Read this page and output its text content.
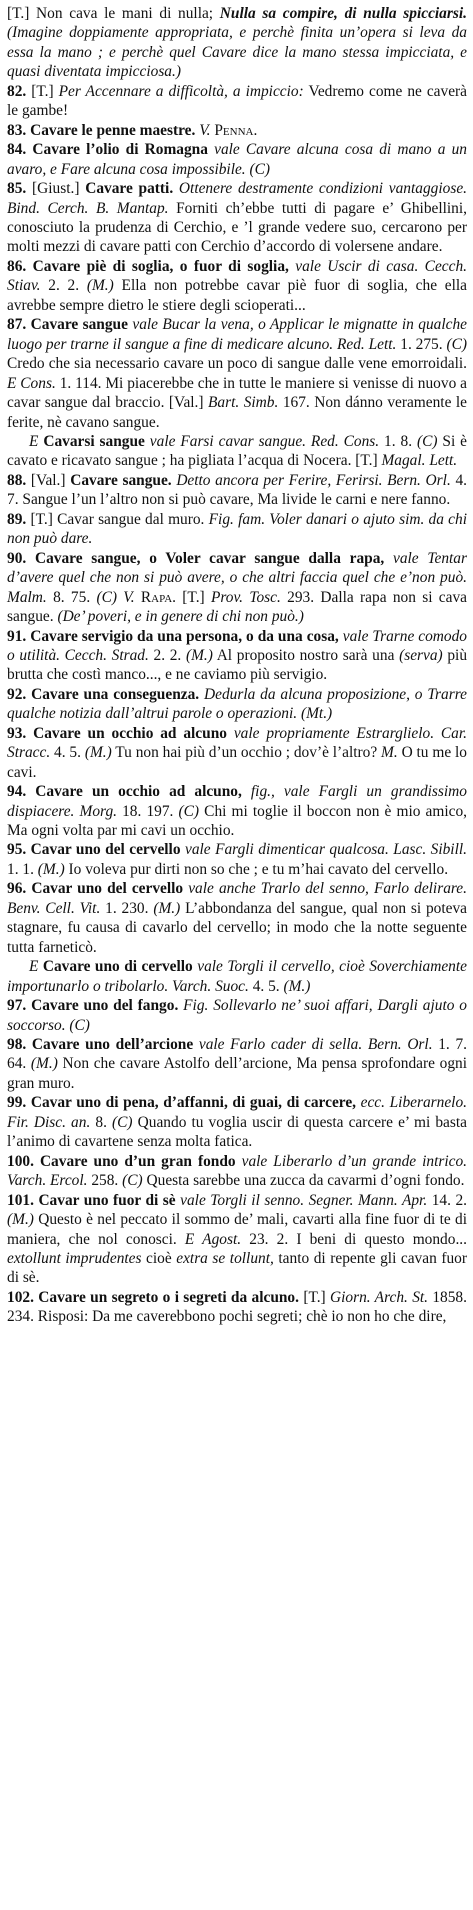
[T.] Non cava le mani di nulla; Nulla sa compire, di nulla spicciarsi. (Imagine doppiamente appropriata, e perchè finita un’opera si leva da essa la mano ; e perchè quel Cavare dice la mano stessa impicciata, e quasi diventata impicciosa.)

82. [T.] Per Accennare a difficoltà, a impiccio: Vedremo come ne caverà le gambe!

83. Cavare le penne maestre. V. Penna.

84. Cavare l’olio di Romagna vale Cavare alcuna cosa di mano a un avaro, e Fare alcuna cosa impossibile. (C)

85. [Giust.] Cavare patti. Ottenere destramente condizioni vantaggiose. Bind. Cerch. B. Mantap. Forniti ch’ebbe tutti di pagare e’ Ghibellini, conosciuto la prudenza di Cerchio, e ’l grande vedere suo, cercarono per molti mezzi di cavare patti con Cerchio d’accordo di volersene andare.

86. Cavare piè di soglia, o fuor di soglia, vale Uscir di casa. Cecch. Stiav. 2. 2. (M.) Ella non potrebbe cavar piè fuor di soglia, che ella avrebbe sempre dietro le stiere degli scioperati...

87. Cavare sangue vale Bucar la vena, o Applicar le mignatte in qualche luogo per trarne il sangue a fine di medicare alcuno. Red. Lett. 1. 275. (C) Credo che sia necessario cavare un poco di sangue dalle vene emorroidali. E Cons. 1. 114. Mi piacerebbe che in tutte le maniere si venisse di nuovo a cavar sangue dal braccio. [Val.] Bart. Simb. 167. Non dánno veramente le ferite, nè cavano sangue.

E Cavarsi sangue vale Farsi cavar sangue. Red. Cons. 1. 8. (C) Si è cavato e ricavato sangue ; ha pigliata l’acqua di Nocera. [T.] Magal. Lett.

88. [Val.] Cavare sangue. Detto ancora per Ferire, Ferirsi. Bern. Orl. 4. 7. Sangue l’un l’altro non si può cavare, Ma livide le carni e nere fanno.

89. [T.] Cavar sangue dal muro. Fig. fam. Voler danari o ajuto sim. da chi non può dare.

90. Cavare sangue, o Voler cavar sangue dalla rapa, vale Tentar d’avere quel che non si può avere, o che altri faccia quel che e’non può. Malm. 8. 75. (C) V. Rapa. [T.] Prov. Tosc. 293. Dalla rapa non si cava sangue. (De’ poveri, e in genere di chi non può.)

91. Cavare servigio da una persona, o da una cosa, vale Trarne comodo o utilità. Cecch. Strad. 2. 2. (M.) Al proposito nostro sarà una (serva) più brutta che costì manco..., e ne caviamo più servigio.

92. Cavare una conseguenza. Dedurla da alcuna proposizione, o Trarre qualche notizia dall’altrui parole o operazioni. (Mt.)

93. Cavare un occhio ad alcuno vale propriamente Estrarglielo. Car. Stracc. 4. 5. (M.) Tu non hai più d’un occhio ; dov’è l’altro? M. O tu me lo cavi.

94. Cavare un occhio ad alcuno, fig., vale Fargli un grandissimo dispiacere. Morg. 18. 197. (C) Chi mi toglie il boccon non è mio amico, Ma ogni volta par mi cavi un occhio.

95. Cavar uno del cervello vale Fargli dimenticar qualcosa. Lasc. Sibill. 1. 1. (M.) Io voleva pur dirti non so che ; e tu m’hai cavato del cervello.

96. Cavar uno del cervello vale anche Trarlo del senno, Farlo delirare. Benv. Cell. Vit. 1. 230. (M.) L’abbondanza del sangue, qual non si poteva stagnare, fu causa di cavarlo del cervello; in modo che la notte seguente tutta farneticò.

E Cavare uno di cervello vale Torgli il cervello, cioè Soverchiamente importunarlo o tribolarlo. Varch. Suoc. 4. 5. (M.)

97. Cavare uno del fango. Fig. Sollevarlo ne’ suoi affari, Dargli ajuto o soccorso. (C)

98. Cavare uno dell’arcione vale Farlo cader di sella. Bern. Orl. 1. 7. 64. (M.) Non che cavare Astolfo dell’arcione, Ma pensa sprofondare ogni gran muro.

99. Cavar uno di pena, d’affanni, di guai, di carcere, ecc. Liberarnelo. Fir. Disc. an. 8. (C) Quando tu voglia uscir di questa carcere e’ mi basta l’animo di cavartene senza molta fatica.

100. Cavare uno d’un gran fondo vale Liberarlo d’un grande intrico. Varch. Ercol. 258. (C) Questa sarebbe una zucca da cavarmi d’ogni fondo.

101. Cavar uno fuor di sè vale Torgli il senno. Segner. Mann. Apr. 14. 2. (M.) Questo è nel peccato il sommo de’ mali, cavarti alla fine fuor di te di maniera, che nol conosci. E Agost. 23. 2. I beni di questo mondo... extollunt imprudentes cioè extra se tollunt, tanto di repente gli cavan fuor di sè.

102. Cavare un segreto o i segreti da alcuno. [T.] Giorn. Arch. St. 1858. 234. Risposi: Da me caverebbono pochi segreti; chè io non ho che dire,
